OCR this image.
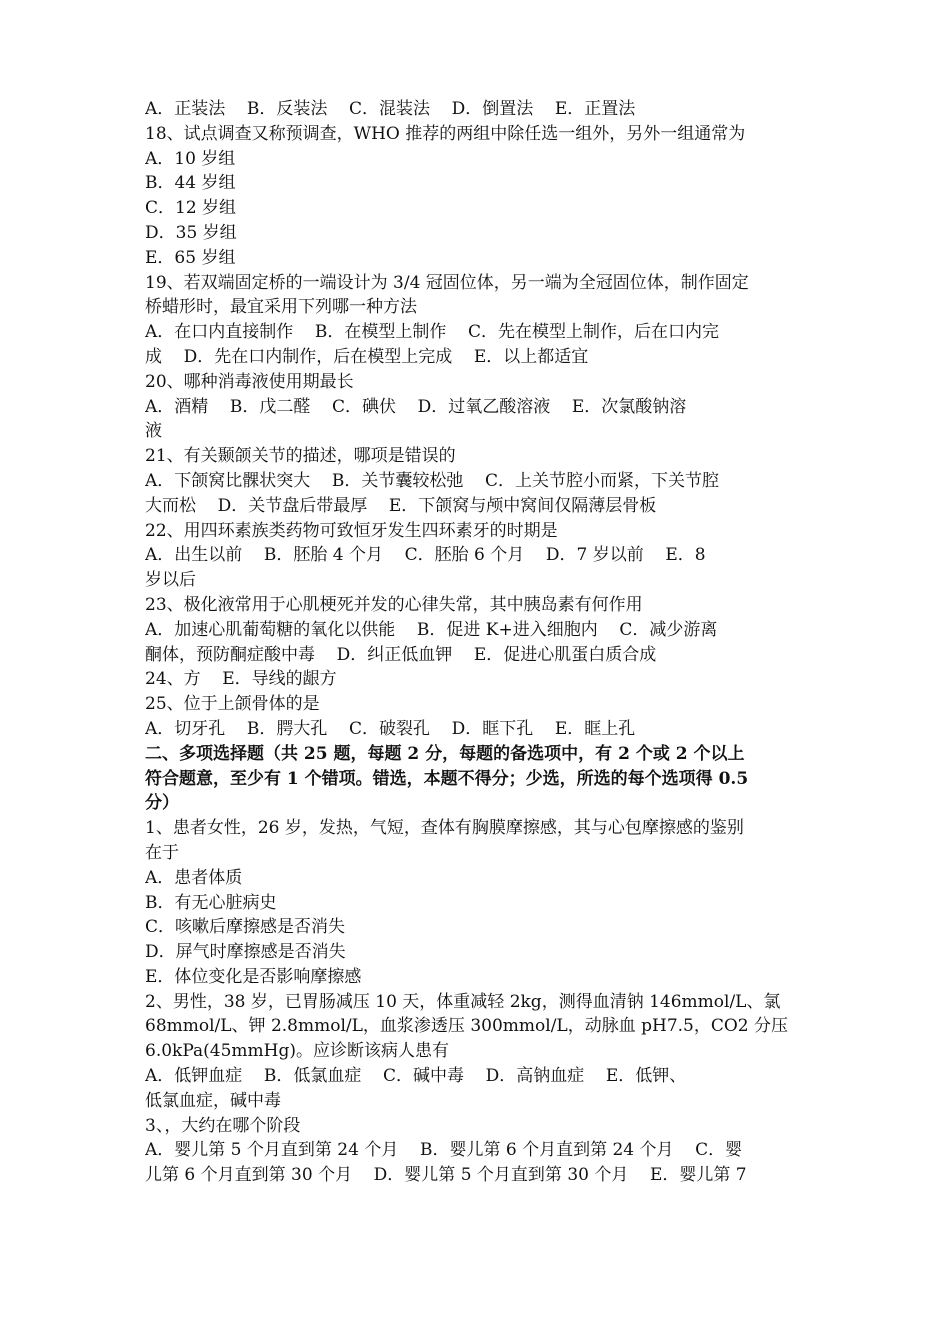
A．正装法    B．反装法    C．混装法    D．倒置法    E．正置法
18、试点调查又称预调查，WHO 推荐的两组中除任选一组外，另外一组通常为
A．10 岁组
B．44 岁组
C．12 岁组
D．35 岁组
E．65 岁组
19、若双端固定桥的一端设计为 3/4 冠固位体，另一端为全冠固位体，制作固定
桥蜡形时，最宜采用下列哪一种方法
A．在口内直接制作    B．在模型上制作    C．先在模型上制作，后在口内完
成    D．先在口内制作，后在模型上完成    E．以上都适宜
20、哪种消毒液使用期最长
A．酒精    B．戊二醛    C．碘伏    D．过氧乙酸溶液    E．次氯酸钠溶
液
21、有关颞颌关节的描述，哪项是错误的
A．下颌窝比髁状突大    B．关节囊较松弛    C．上关节腔小而紧，下关节腔
大而松    D．关节盘后带最厚    E．下颌窝与颅中窝间仅隔薄层骨板
22、用四环素族类药物可致恒牙发生四环素牙的时期是
A．出生以前    B．胚胎 4 个月    C．胚胎 6 个月    D．7 岁以前    E．8
岁以后
23、极化液常用于心肌梗死并发的心律失常，其中胰岛素有何作用
A．加速心肌葡萄糖的氧化以供能    B．促进 K+进入细胞内    C．减少游离
酮体，预防酮症酸中毒    D．纠正低血钾    E．促进心肌蛋白质合成
24、方    E．导线的龈方
25、位于上颌骨体的是
A．切牙孔    B．腭大孔    C．破裂孔    D．眶下孔    E．眶上孔
二、多项选择题（共 25 题，每题 2 分，每题的备选项中，有 2 个或 2 个以上
符合题意，至少有 1 个错项。错选，本题不得分；少选，所选的每个选项得 0.5
分）
1、患者女性，26 岁，发热，气短，查体有胸膜摩擦感，其与心包摩擦感的鉴别
在于
A．患者体质
B．有无心脏病史
C．咳嗽后摩擦感是否消失
D．屏气时摩擦感是否消失
E．体位变化是否影响摩擦感
2、男性，38 岁，已胃肠减压 10 天，体重减轻 2kg，测得血清钠 146mmol/L、氯
68mmol/L、钾 2.8mmol/L，血浆渗透压 300mmol/L，动脉血 pH7.5，CO2 分压
6.0kPa(45mmHg)。应诊断该病人患有
A．低钾血症    B．低氯血症    C．碱中毒    D．高钠血症    E．低钾、
低氯血症，碱中毒
3、，大约在哪个阶段
A．婴儿第 5 个月直到第 24 个月    B．婴儿第 6 个月直到第 24 个月    C．婴
儿第 6 个月直到第 30 个月    D．婴儿第 5 个月直到第 30 个月    E．婴儿第 7
